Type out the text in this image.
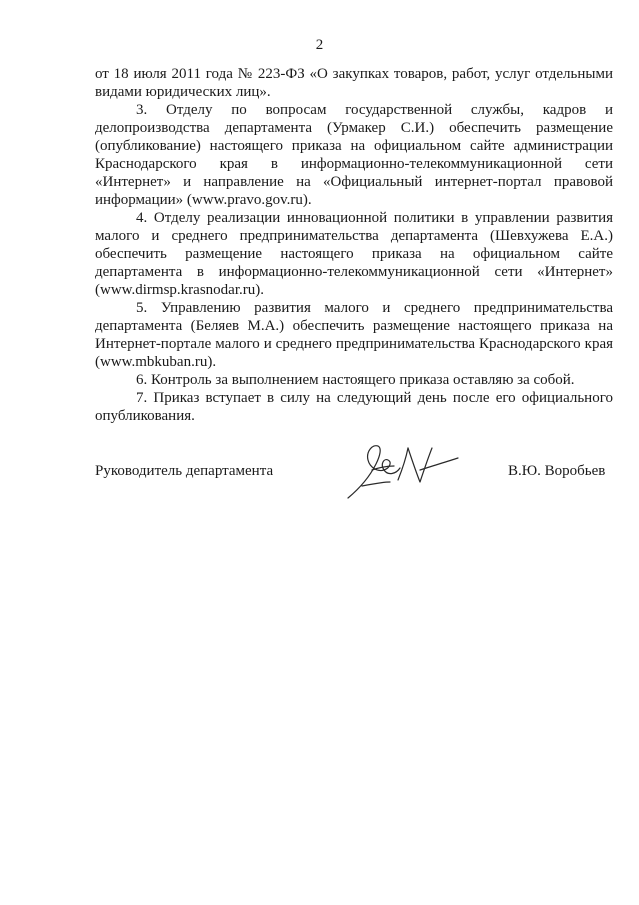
2
от 18 июля 2011 года № 223-ФЗ «О закупках товаров, работ, услуг отдельными
видами юридических лиц».
3. Отделу по вопросам государственной службы, кадров и
делопроизводства департамента (Урмакер С.И.) обеспечить размещение
(опубликование) настоящего приказа на официальном сайте администрации
Краснодарского края в информационно-телекоммуникационной сети
«Интернет» и направление на «Официальный интернет-портал правовой
информации» (www.pravo.gov.ru).
4. Отделу реализации инновационной политики в управлении развития
малого и среднего предпринимательства департамента (Шевхужева Е.А.)
обеспечить размещение настоящего приказа на официальном сайте
департамента в информационно-телекоммуникационной сети «Интернет»
(www.dirmsp.krasnodar.ru).
5. Управлению развития малого и среднего предпринимательства
департамента (Беляев М.А.) обеспечить размещение настоящего приказа на
Интернет-портале малого и среднего предпринимательства Краснодарского края
(www.mbkuban.ru).
6. Контроль за выполнением настоящего приказа оставляю за собой.
7. Приказ вступает в силу на следующий день после его официального
опубликования.
Руководитель департамента	В.Ю. Воробьев
